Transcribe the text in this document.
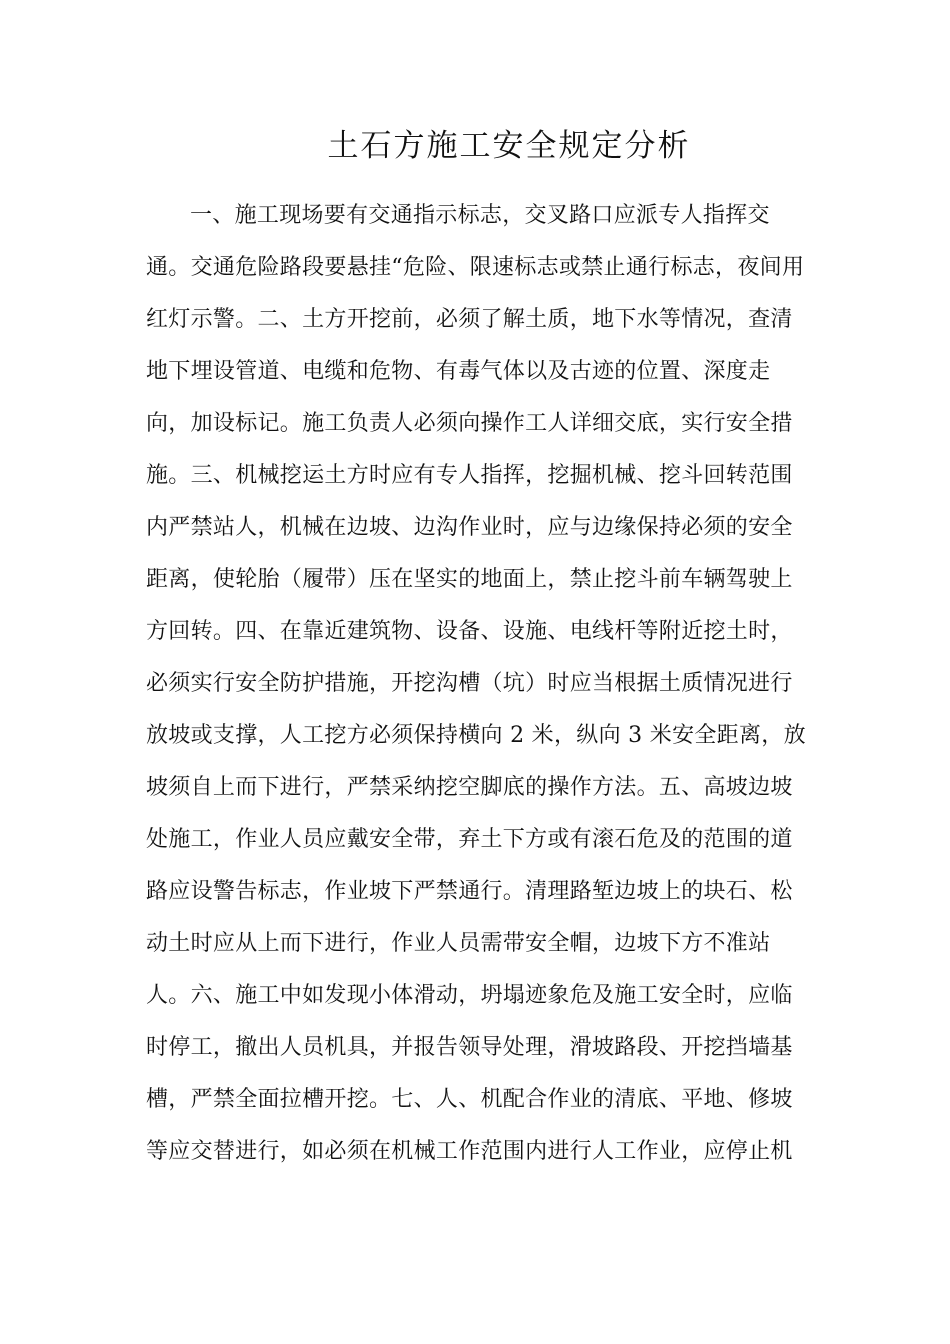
土石方施工安全规定分析
一、施工现场要有交通指示标志，交叉路口应派专人指挥交
通。交通危险路段要悬挂“危险、限速标志或禁止通行标志，夜间用
红灯示警。二、土方开挖前，必须了解土质，地下水等情况，查清
地下埋设管道、电缆和危物、有毒气体以及古迹的位置、深度走
向，加设标记。施工负责人必须向操作工人详细交底，实行安全措
施。三、机械挖运土方时应有专人指挥，挖掘机械、挖斗回转范围
内严禁站人，机械在边坡、边沟作业时，应与边缘保持必须的安全
距离，使轮胎（履带）压在坚实的地面上，禁止挖斗前车辆驾驶上
方回转。四、在靠近建筑物、设备、设施、电线杆等附近挖土时，
必须实行安全防护措施，开挖沟槽（坑）时应当根据土质情况进行
放坡或支撑，人工挖方必须保持横向 2 米，纵向 3 米安全距离，放
坡须自上而下进行，严禁采纳挖空脚底的操作方法。五、高坡边坡
处施工，作业人员应戴安全带，弃土下方或有滚石危及的范围的道
路应设警告标志，作业坡下严禁通行。清理路堑边坡上的块石、松
动土时应从上而下进行，作业人员需带安全帽，边坡下方不准站
人。六、施工中如发现小体滑动，坍塌迹象危及施工安全时，应临
时停工，撤出人员机具，并报告领导处理，滑坡路段、开挖挡墙基
槽，严禁全面拉槽开挖。七、人、机配合作业的清底、平地、修坡
等应交替进行，如必须在机械工作范围内进行人工作业，应停止机
